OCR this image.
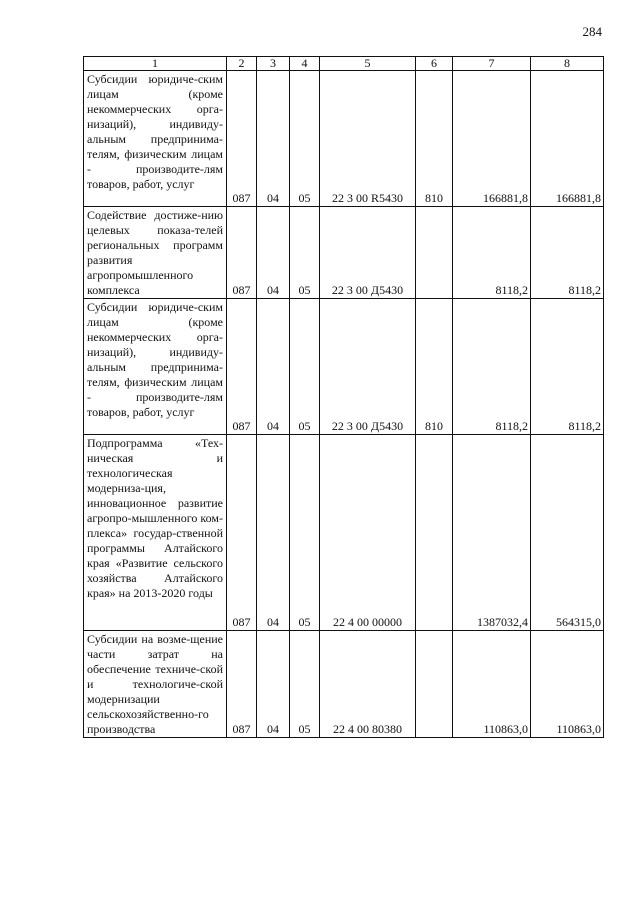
284
1	2	3	4	5	6	7	8
Субсидии юридиче-ским лицам (кроме некоммерческих орга-низаций), индивиду-альным предпринима-телям, физическим лицам - производите-лям товаров, работ, услуг	087	04	05	22 3 00 R5430	810	166881,8	166881,8
Содействие достиже-нию целевых показа-телей региональных программ развития агропромышленного комплекса	087	04	05	22 3 00 Д5430		8118,2	8118,2
Субсидии юридиче-ским лицам (кроме некоммерческих орга-низаций), индивиду-альным предпринима-телям, физическим лицам - производите-лям товаров, работ, услуг	087	04	05	22 3 00 Д5430	810	8118,2	8118,2
Подпрограмма «Тех-ническая и технологическая модерниза-ция, инновационное развитие агропро-мышленного ком-плекса» государ-ственной программы Алтайского края «Развитие сельского хозяйства Алтайского края» на 2013-2020 годы	087	04	05	22 4 00 00000		1387032,4	564315,0
Субсидии на возме-щение части затрат на обеспечение техниче-ской и технологиче-ской модернизации сельскохозяйственно-го производства	087	04	05	22 4 00 80380		110863,0	110863,0
